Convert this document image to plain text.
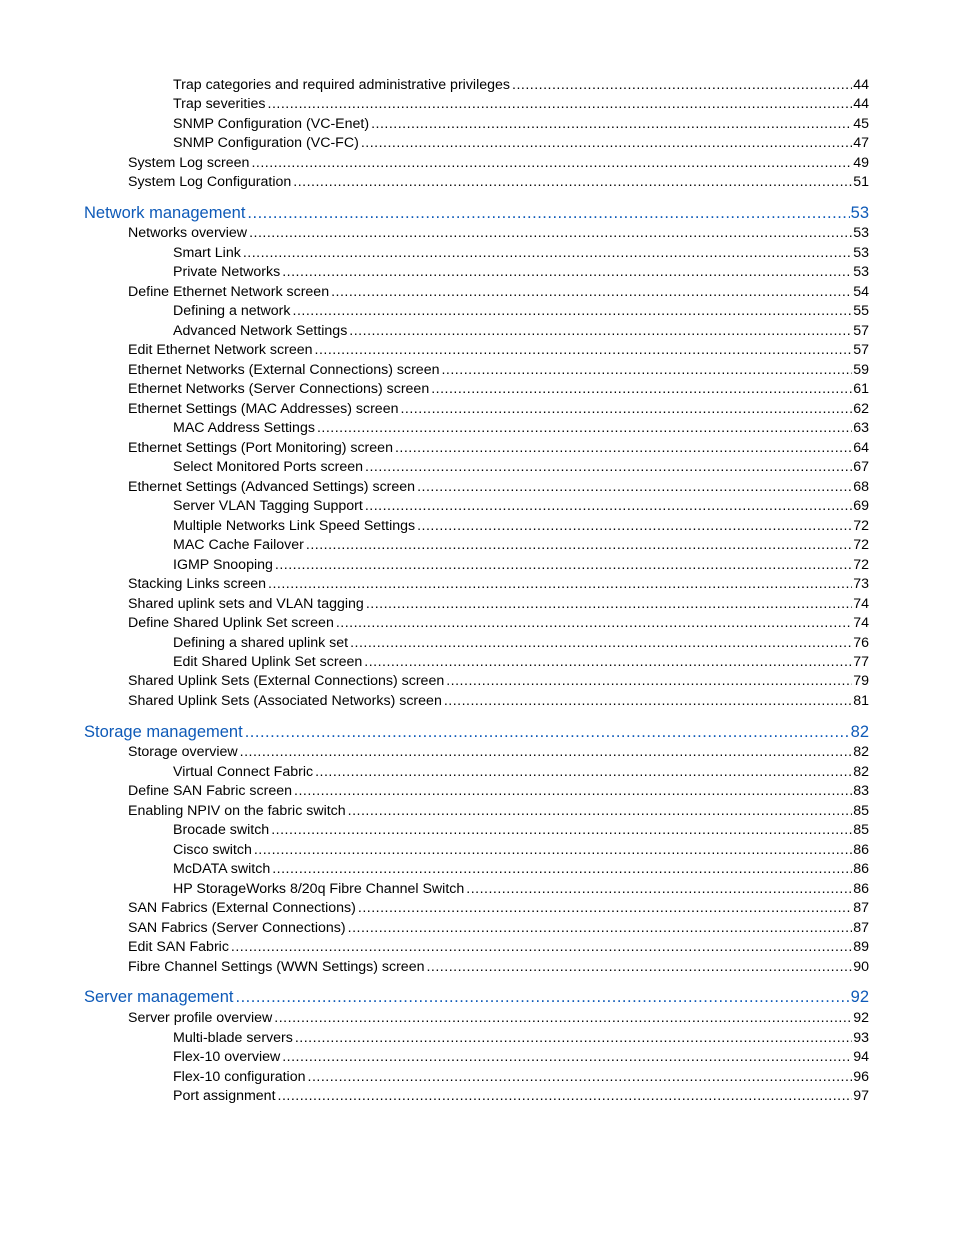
Trap categories and required administrative privileges .....	44
Trap severities .....	44
SNMP Configuration (VC-Enet) .....	45
SNMP Configuration (VC-FC) .....	47
System Log screen .....	49
System Log Configuration .....	51
Network management .....	53
Networks overview .....	53
Smart Link .....	53
Private Networks .....	53
Define Ethernet Network screen .....	54
Defining a network .....	55
Advanced Network Settings .....	57
Edit Ethernet Network screen .....	57
Ethernet Networks (External Connections) screen .....	59
Ethernet Networks (Server Connections) screen .....	61
Ethernet Settings (MAC Addresses) screen .....	62
MAC Address Settings .....	63
Ethernet Settings (Port Monitoring) screen .....	64
Select Monitored Ports screen .....	67
Ethernet Settings (Advanced Settings) screen .....	68
Server VLAN Tagging Support .....	69
Multiple Networks Link Speed Settings .....	72
MAC Cache Failover .....	72
IGMP Snooping .....	72
Stacking Links screen .....	73
Shared uplink sets and VLAN tagging .....	74
Define Shared Uplink Set screen .....	74
Defining a shared uplink set .....	76
Edit Shared Uplink Set screen .....	77
Shared Uplink Sets (External Connections) screen .....	79
Shared Uplink Sets (Associated Networks) screen .....	81
Storage management .....	82
Storage overview .....	82
Virtual Connect Fabric .....	82
Define SAN Fabric screen .....	83
Enabling NPIV on the fabric switch .....	85
Brocade switch .....	85
Cisco switch .....	86
McDATA switch .....	86
HP StorageWorks 8/20q Fibre Channel Switch .....	86
SAN Fabrics (External Connections) .....	87
SAN Fabrics (Server Connections) .....	87
Edit SAN Fabric .....	89
Fibre Channel Settings (WWN Settings) screen .....	90
Server management .....	92
Server profile overview .....	92
Multi-blade servers .....	93
Flex-10 overview .....	94
Flex-10 configuration .....	96
Port assignment .....	97
